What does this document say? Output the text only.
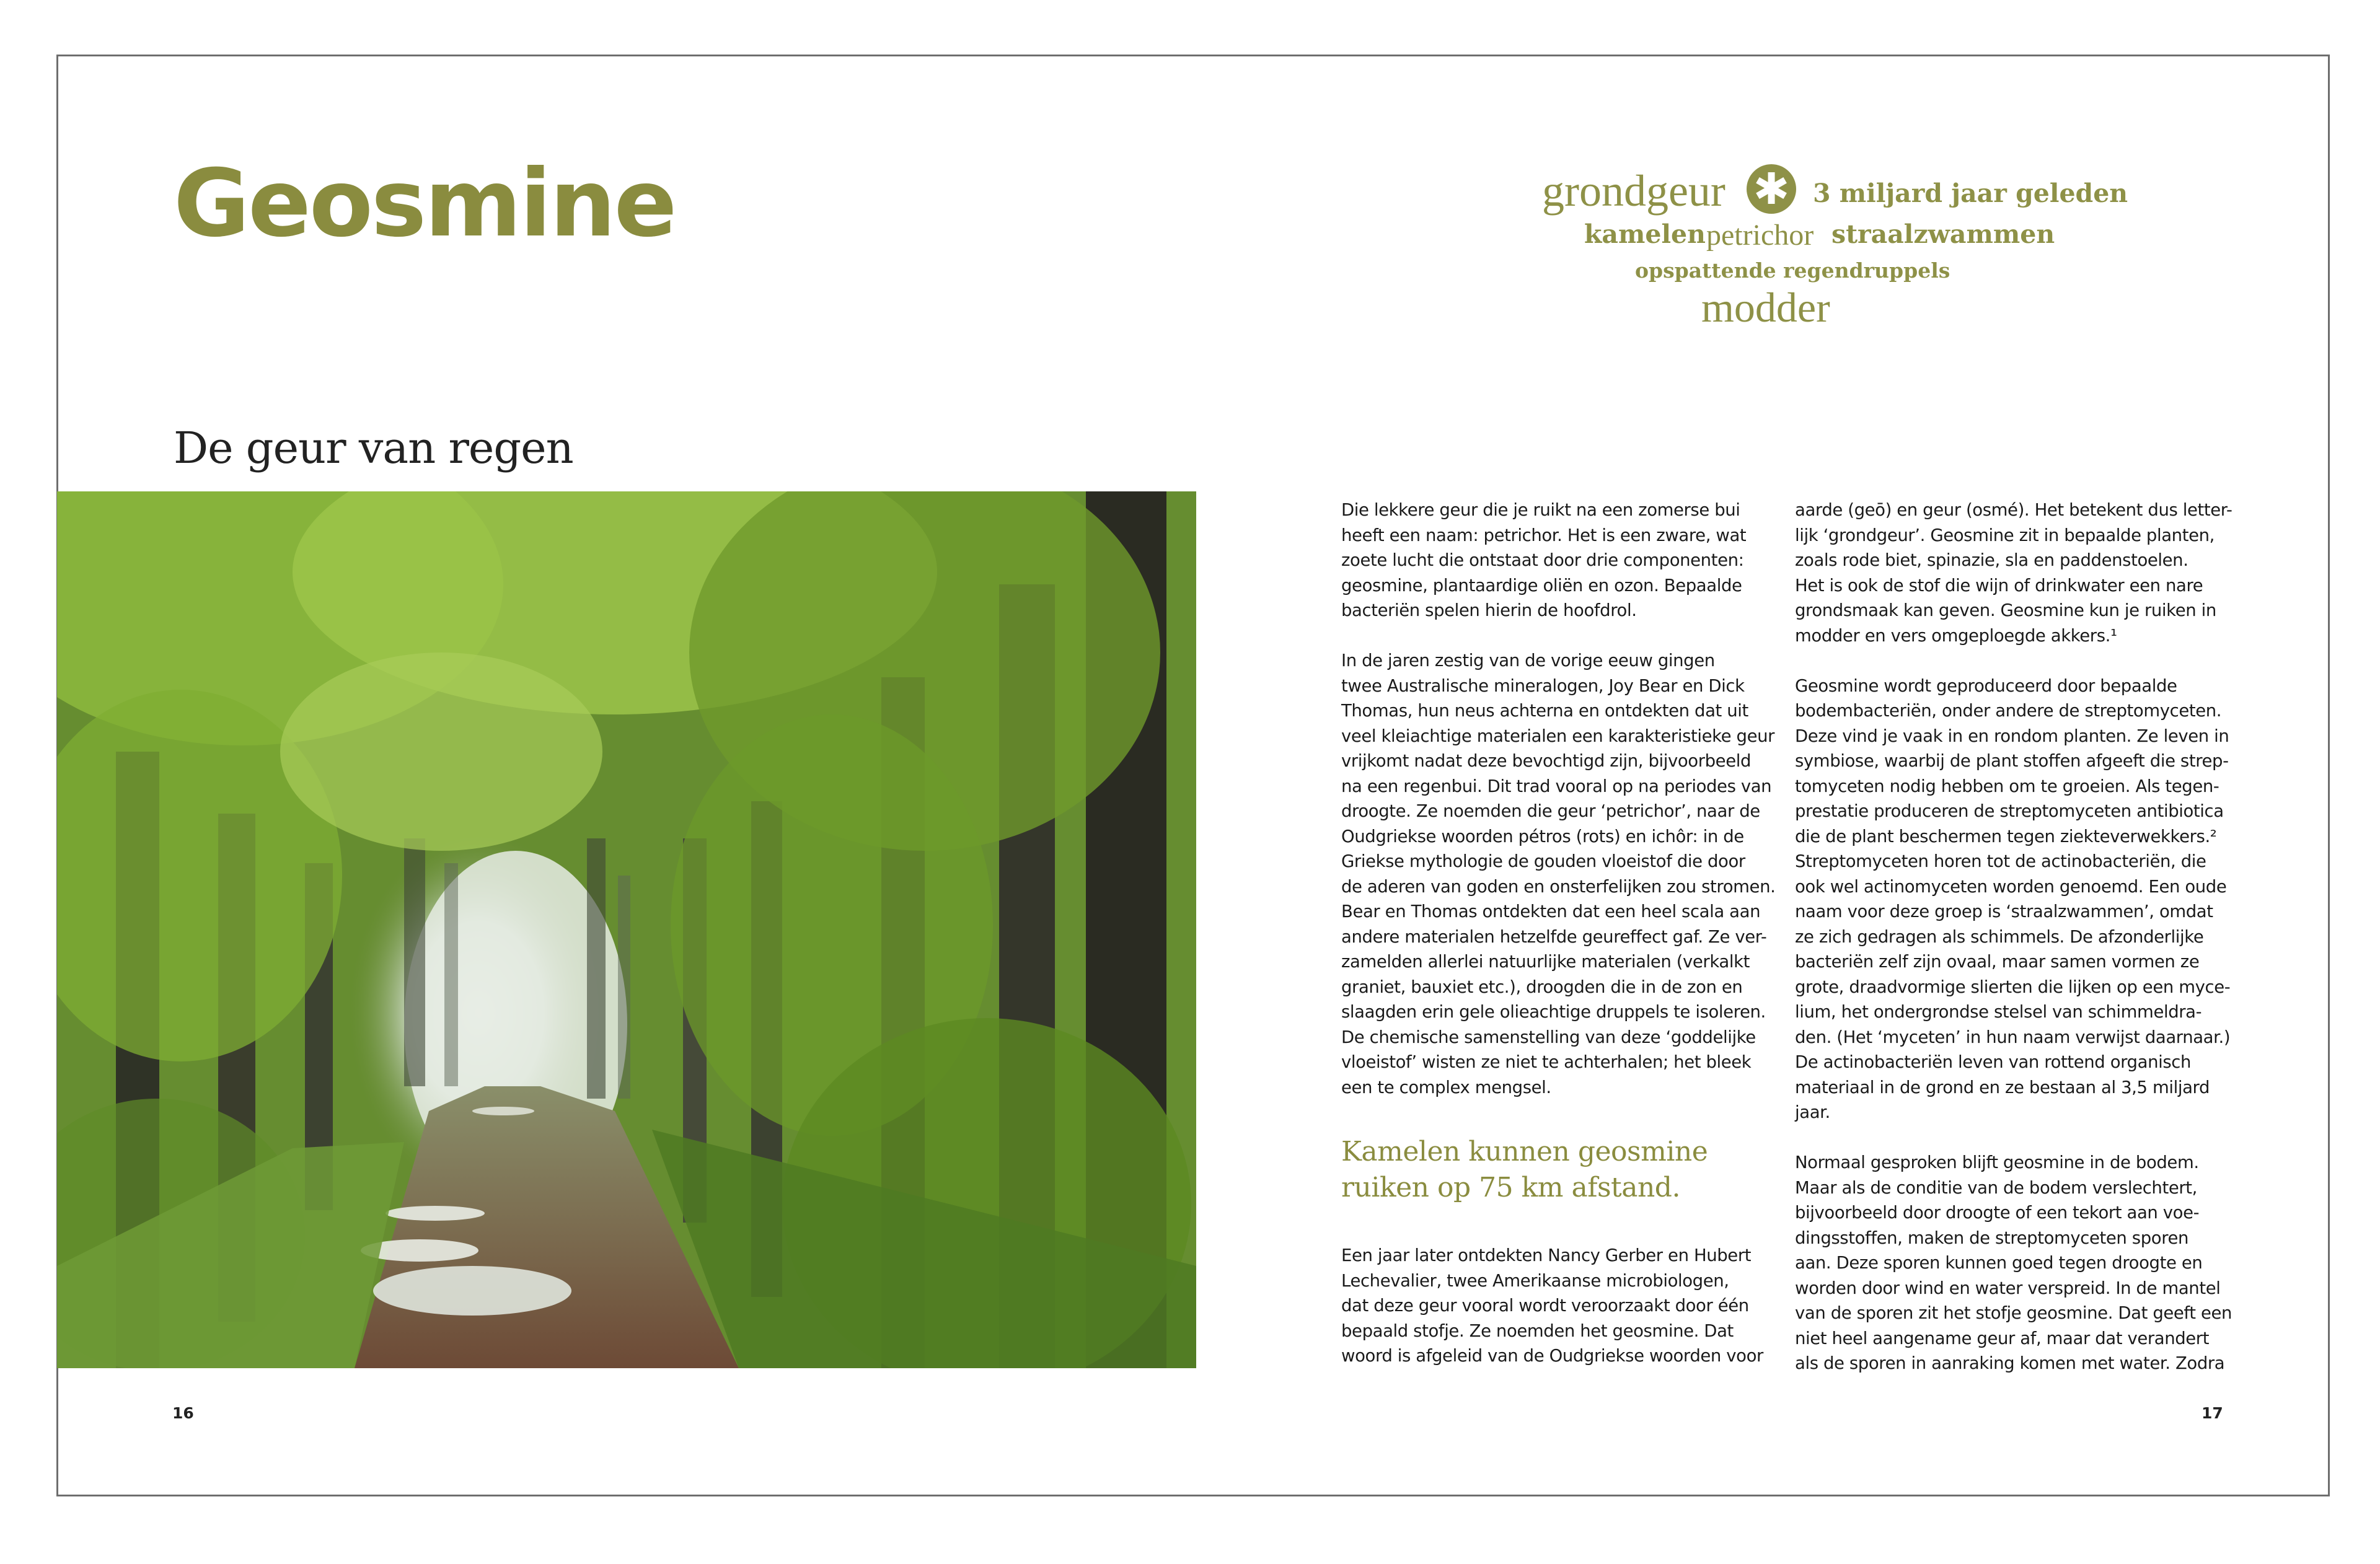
Geosmine	grondgeur ✱ 3 miljard jaar geleden
kamelen petrichor straalzwammen
opspattende regendruppels
modder
De geur van regen

Die lekkere geur die je ruikt na een zomerse bui
heeft een naam: petrichor. Het is een zware, wat
zoete lucht die ontstaat door drie componenten:
geosmine, plantaardige oliën en ozon. Bepaalde
bacteriën spelen hierin de hoofdrol.

In de jaren zestig van de vorige eeuw gingen
twee Australische mineralogen, Joy Bear en Dick
Thomas, hun neus achterna en ontdekten dat uit
veel kleiachtige materialen een karakteristieke geur
vrijkomt nadat deze bevochtigd zijn, bijvoorbeeld
na een regenbui. Dit trad vooral op na periodes van
droogte. Ze noemden die geur ‘petrichor’, naar de
Oudgriekse woorden pétros (rots) en ichôr: in de
Griekse mythologie de gouden vloeistof die door
de aderen van goden en onsterfelijken zou stromen.
Bear en Thomas ontdekten dat een heel scala aan
andere materialen hetzelfde geureffect gaf. Ze ver-
zamelden allerlei natuurlijke materialen (verkalkt
graniet, bauxiet etc.), droogden die in de zon en
slaagden erin gele olieachtige druppels te isoleren.
De chemische samenstelling van deze ‘goddelijke
vloeistof’ wisten ze niet te achterhalen; het bleek
een te complex mengsel.

Kamelen kunnen geosmine
ruiken op 75 km afstand.

Een jaar later ontdekten Nancy Gerber en Hubert
Lechevalier, twee Amerikaanse microbiologen,
dat deze geur vooral wordt veroorzaakt door één
bepaald stofje. Ze noemden het geosmine. Dat
woord is afgeleid van de Oudgriekse woorden voor

aarde (geō) en geur (osmé). Het betekent dus letter-
lijk ‘grondgeur’. Geosmine zit in bepaalde planten,
zoals rode biet, spinazie, sla en paddenstoelen.
Het is ook de stof die wijn of drinkwater een nare
grondsmaak kan geven. Geosmine kun je ruiken in
modder en vers omgeploegde akkers.¹

Geosmine wordt geproduceerd door bepaalde
bodembacteriën, onder andere de streptomyceten.
Deze vind je vaak in en rondom planten. Ze leven in
symbiose, waarbij de plant stoffen afgeeft die strep-
tomyceten nodig hebben om te groeien. Als tegen-
prestatie produceren de streptomyceten antibiotica
die de plant beschermen tegen ziekteverwekkers.²
Streptomyceten horen tot de actinobacteriën, die
ook wel actinomyceten worden genoemd. Een oude
naam voor deze groep is ‘straalzwammen’, omdat
ze zich gedragen als schimmels. De afzonderlijke
bacteriën zelf zijn ovaal, maar samen vormen ze
grote, draadvormige slierten die lijken op een myce-
lium, het ondergrondse stelsel van schimmeldra-
den. (Het ‘myceten’ in hun naam verwijst daarnaar.)
De actinobacteriën leven van rottend organisch
materiaal in de grond en ze bestaan al 3,5 miljard
jaar.

Normaal gesproken blijft geosmine in de bodem.
Maar als de conditie van de bodem verslechtert,
bijvoorbeeld door droogte of een tekort aan voe-
dingsstoffen, maken de streptomyceten sporen
aan. Deze sporen kunnen goed tegen droogte en
worden door wind en water verspreid. In de mantel
van de sporen zit het stofje geosmine. Dat geeft een
niet heel aangename geur af, maar dat verandert
als de sporen in aanraking komen met water. Zodra

16	17
